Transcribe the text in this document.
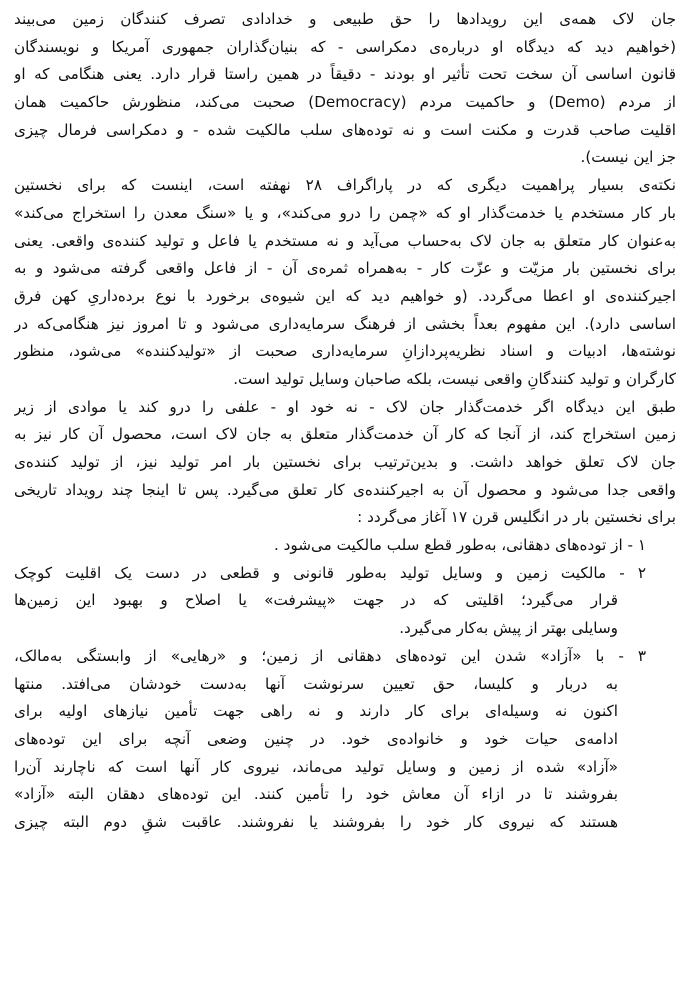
جان لاک همه‌ی این رویدادها را حق طبیعی و خدادادی تصرف کنندگان زمین می‌بیند
(خواهیم دید که دیدگاه او درباره‌ی دمکراسی - که بنیان‌گذاران جمهوری آمریکا و نویسندگان
قانون اساسی آن سخت تحت تأثیر او بودند - دقیقاً در همین راستا قرار دارد. یعنی هنگامی که او
از مردم (Demo) و حاکمیت مردم (Democracy) صحبت می‌کند، منظورش حاکمیت همان
اقلیت صاحب قدرت و مکنت است و نه توده‌های سلب مالکیت شده - و دمکراسی فرمال چیزی
جز این نیست).
نکته‌ی بسیار پراهمیت دیگری که در پاراگراف ۲۸ نهفته است، اینست که برای نخستین
بار کار مستخدم یا خدمت‌گذار او که «چمن را درو می‌کند»، و یا «سنگ معدن را استخراج می‌کند»
به‌عنوان کار متعلق به جان لاک به‌حساب می‌آید و نه مستخدم یا فاعل و تولید کننده‌ی واقعی. یعنی
برای نخستین بار مزیّت و عزّت کار - به‌همراه ثمره‌ی آن - از فاعل واقعی گرفته می‌شود و به
اجیرکننده‌ی او اعطا می‌گردد. (و خواهیم دید که این شیوه‌ی برخورد با نوع برده‌داریِ کهن فرق
اساسی دارد). این مفهوم بعداً بخشی از فرهنگ سرمایه‌داری می‌شود و تا امروز نیز هنگامی‌که در
نوشته‌ها، ادبیات و اسناد نظریه‌پردازانِ سرمایه‌داری صحبت از «تولیدکننده» می‌شود، منظور
کارگران و تولید کنندگانِ واقعی نیست، بلکه صاحبان وسایل تولید است.
طبق این دیدگاه اگر خدمت‌گذار جان لاک - نه خود او - علفی را درو کند یا موادی از زیر
زمین استخراج کند، از آنجا که کار آن خدمت‌گذار متعلق به جان لاک است، محصول آن کار نیز به
جان لاک تعلق خواهد داشت. و بدین‌ترتیب برای نخستین بار امر تولید نیز، از تولید کننده‌ی
واقعی جدا می‌شود و محصول آن به اجیرکننده‌ی کار تعلق می‌گیرد. پس تا اینجا چند رویداد تاریخی
برای نخستین بار در انگلیس قرن ۱۷ آغاز می‌گردد :
۱ - از توده‌های دهقانی، به‌طور قطع سلب مالکیت می‌شود .
۲ - مالکیت زمین و وسایل تولید به‌طور قانونی و قطعی در دست یک اقلیت کوچک
قرار می‌گیرد؛ اقلیتی که در جهت «پیشرفت» یا اصلاح و بهبود این زمین‌ها
وسایلی بهتر از پیش به‌کار می‌گیرد.
۳ - با «آزاد» شدن این توده‌های دهقانی از زمین؛ و «رهایی» از وابستگی به‌مالک،
به دربار و کلیسا، حق تعیین سرنوشت آنها به‌دست خودشان می‌افتد. منتها
اکنون نه وسیله‌ای برای کار دارند و نه راهی جهت تأمین نیازهای اولیه برای
ادامه‌ی حیات خود و خانواده‌ی خود. در چنین وضعی آنچه برای این توده‌های
«آزاد» شده از زمین و وسایل تولید می‌ماند، نیروی کار آنها است که ناچارند آن‌را
بفروشند تا در ازاء آن معاش خود را تأمین کنند. این توده‌های دهقان البته «آزاد»
هستند که نیروی کار خود را بفروشند یا نفروشند. عاقبت شقِ دوم البته چیزی
